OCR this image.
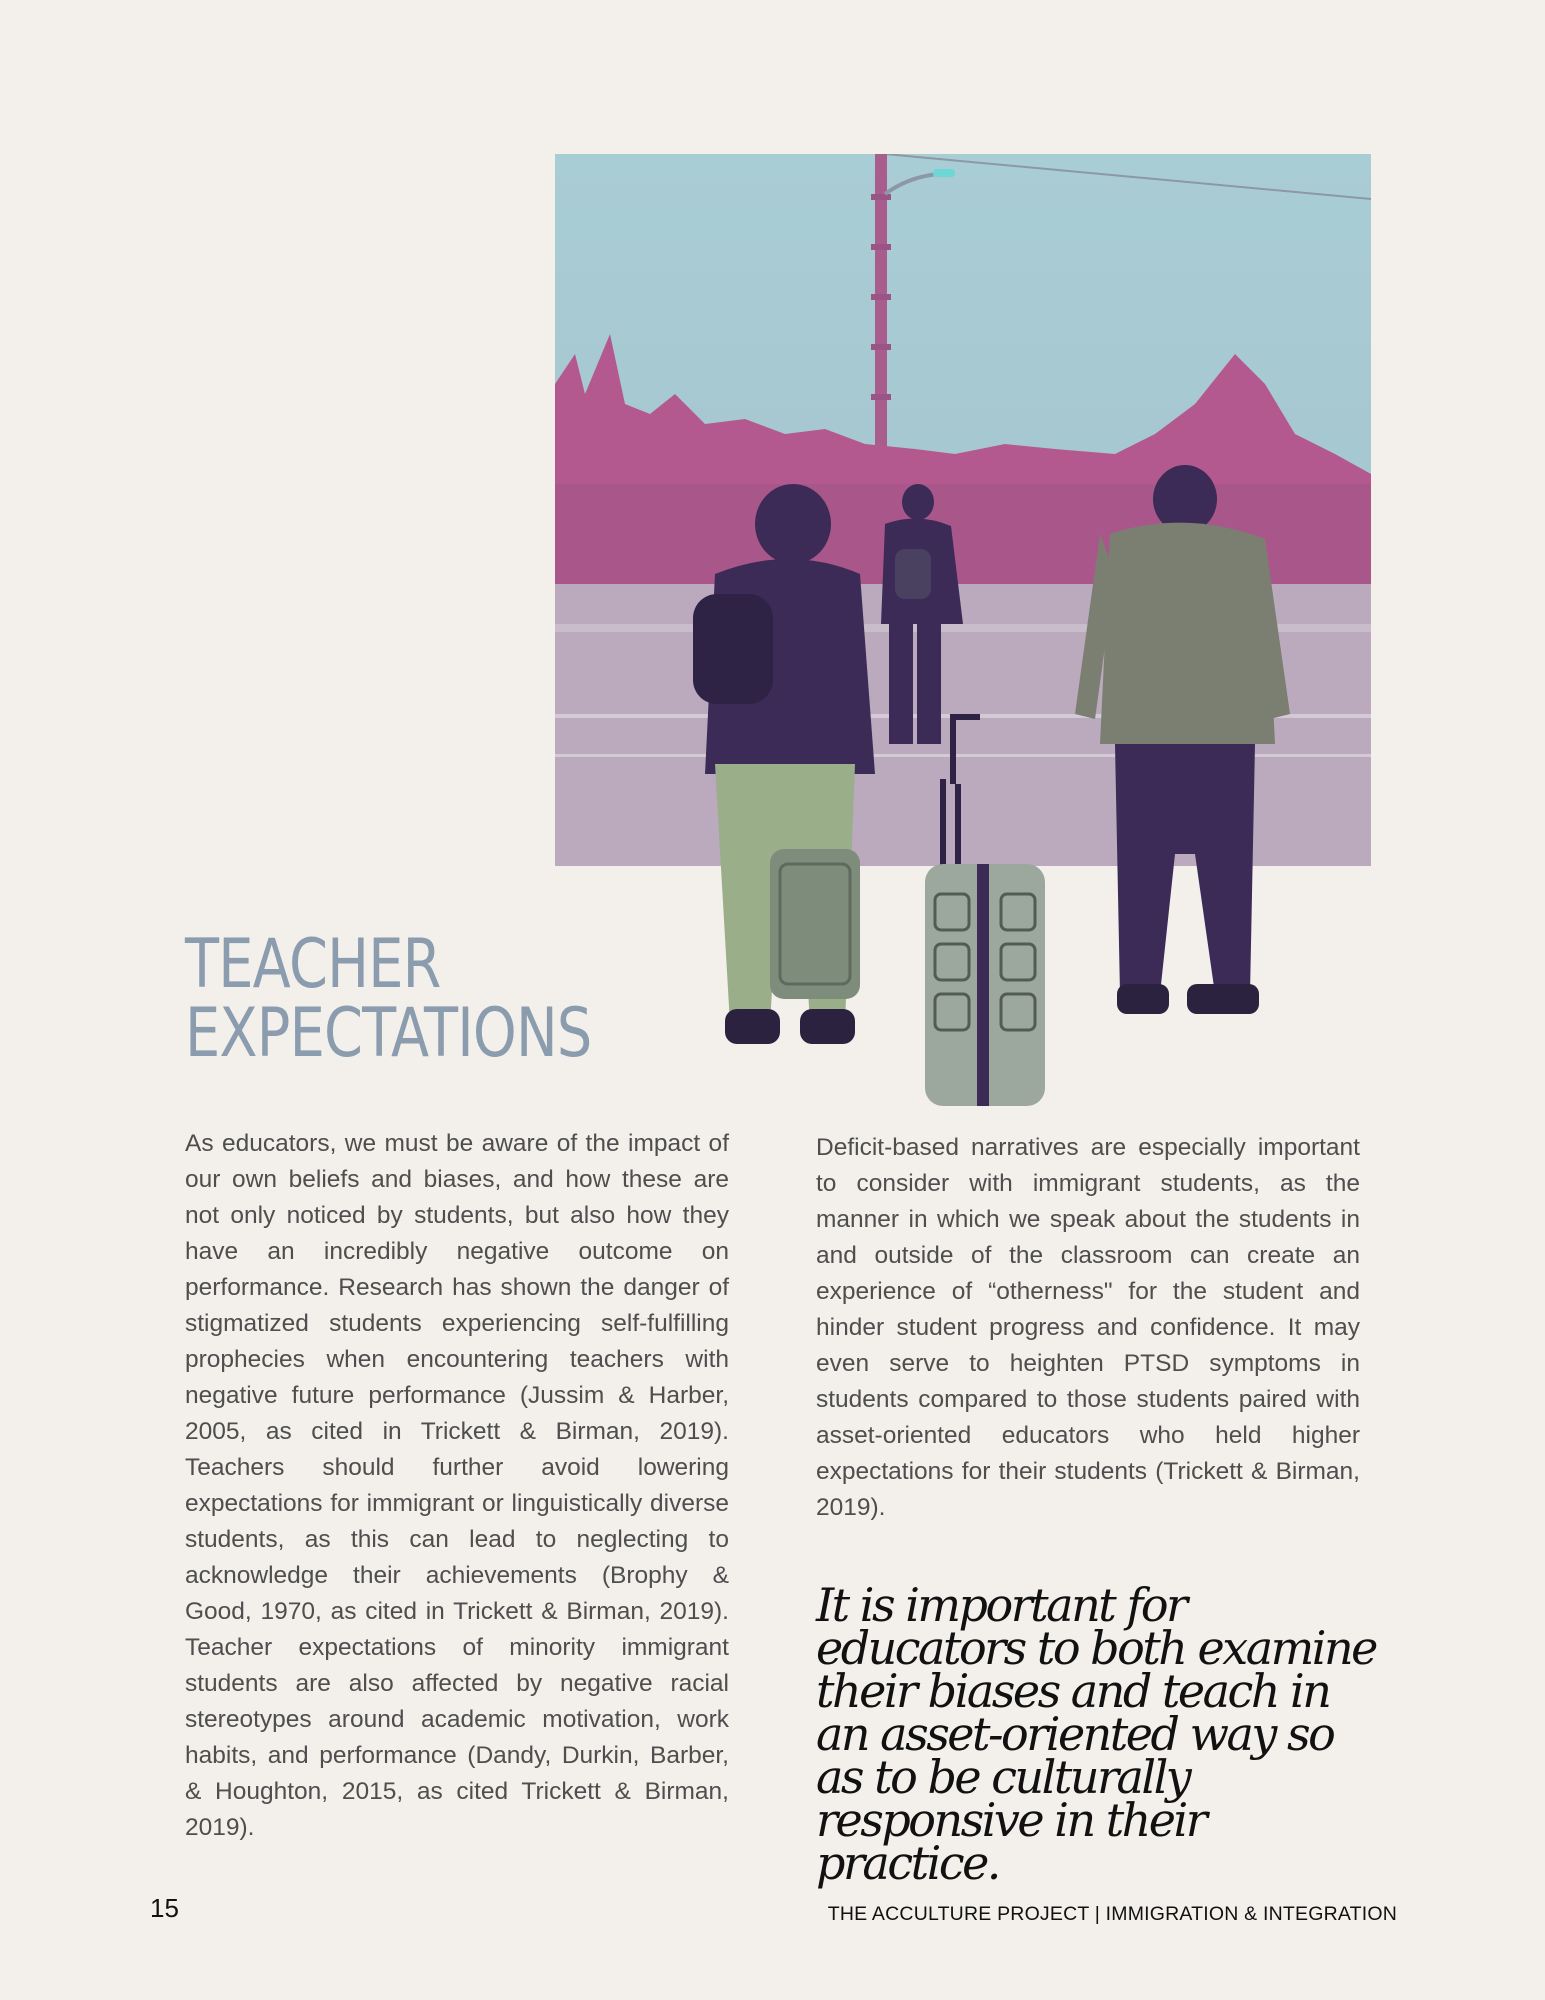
TEACHER
EXPECTATIONS

As educators, we must be aware of the impact of our own beliefs and biases, and how these are not only noticed by students, but also how they have an incredibly negative outcome on performance. Research has shown the danger of stigmatized students experiencing self-fulfilling prophecies when encountering teachers with negative future performance (Jussim & Harber, 2005, as cited in Trickett & Birman, 2019). Teachers should further avoid lowering expectations for immigrant or linguistically diverse students, as this can lead to neglecting to acknowledge their achievements (Brophy & Good, 1970, as cited in Trickett & Birman, 2019). Teacher expectations of minority immigrant students are also affected by negative racial stereotypes around academic motivation, work habits, and performance (Dandy, Durkin, Barber, & Houghton, 2015, as cited Trickett & Birman, 2019).

Deficit-based narratives are especially important to consider with immigrant students, as the manner in which we speak about the students in and outside of the classroom can create an experience of “otherness" for the student and hinder student progress and confidence. It may even serve to heighten PTSD symptoms in students compared to those students paired with asset-oriented educators who held higher expectations for their students (Trickett & Birman, 2019).

It is important for educators to both examine their biases and teach in an asset-oriented way so as to be culturally responsive in their practice.

15	THE ACCULTURE PROJECT | IMMIGRATION & INTEGRATION
